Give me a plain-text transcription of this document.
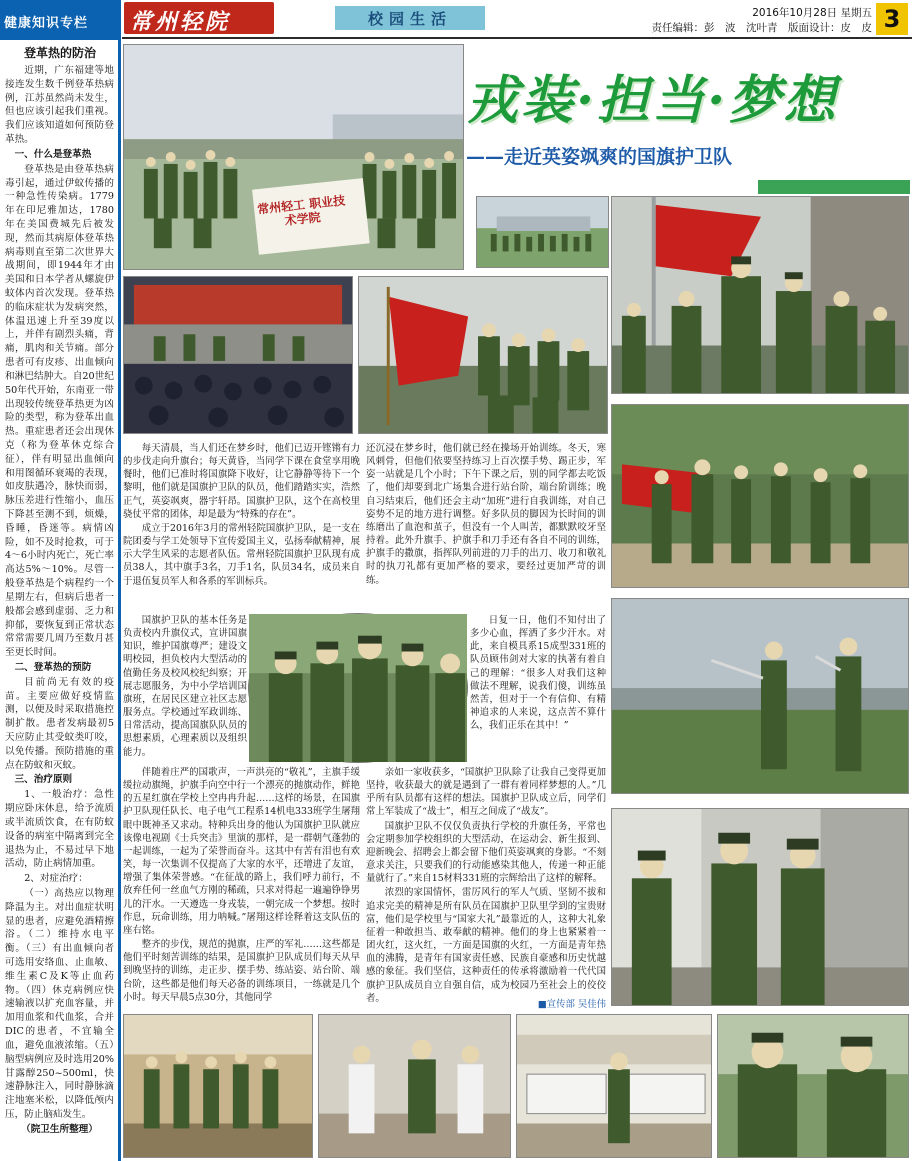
健康知识专栏
登革热的防治

近期，广东福建等地接连发生数千例登革热病例，江苏虽然尚未发生，但也应该引起我们重视。我们应该知道如何预防登革热。

一、什么是登革热

登革热是由登革热病毒引起，通过伊蚊传播的一种急性传染病。1779年在印尼雅加达，1780年在美国费城先后被发现，然而其病原体登革热病毒则直至第二次世界大战期间，即1944年才由美国和日本学者从螺旋伊蚊体内首次发现。登革热的临床症状为发病突然，体温迅速上升至39度以上，并伴有剧烈头痛，背痛，肌肉和关节痛。部分患者可有皮疹、出血倾向和淋巴结肿大。自20世纪50年代开始，东南亚一带出现较传统登革热更为凶险的类型，称为登革出血热。重症患者还会出现休克（称为登革休克综合征），伴有明显出血倾向和用图循环衰竭的表现，如皮肤遇冷，脉快而弱，脉压差进行性缩小，血压下降甚至测不到，烦燥，昏睡，昏迷等。病情凶险，如不及时抢救，可于4～6小时内死亡，死亡率高达5%～10%。尽管一般登革热是个病程约一个星期左右，但病后患者一般都会感到虚弱、乏力和抑郁，要恢复到正常状态常常需要几周乃至数月甚至更长时间。

二、登革热的预防

目前尚无有效的疫苗。主要应做好疫情监测，以便及时采取措施控制扩散。患者发病最初5天应防止其受蚊类叮咬，以免传播。预防措施的重点在防蚊和灭蚊。

三、治疗原则

1、一般治疗：急性期应卧床休息，给予流质或半流质饮食，在有防蚊设备的病室中隔离到完全退热为止，不易过早下地活动，防止病情加重。

2、对症治疗：

（一）高热应以物理降温为主。对出血症状明显的患者，应避免酒精擦浴。（二）维持水电平衡。（三）有出血倾向者可选用安络血、止血敏、维生素C及K等止血药物。（四）休克病例应快速输液以扩充血容量，并加用血浆和代血浆，合并DIC的患者，不宜输全血，避免血液浓缩。（五）脑型病例应及时选用20%甘露醇250~500ml，快速静脉注入，同时静脉滴注地塞米松，以降低颅内压，防止脑疝发生。

（院卫生所整理）

常州轻院	校园生活	2016年10月28日 星期五
责任编辑：彭　波　沈叶青　 版面设计：皮　皮 3
戎装·担当·梦想
——走近英姿飒爽的国旗护卫队
常州轻工 职业技术学院

每天清晨，当人们还在梦乡时，他们已迈开铿锵有力的步伐走向升旗台；每天黄昏，当同学下课在食堂享用晚餐时，他们已准时将国旗降下收好，让它静静等待下一个黎明，他们就是国旗护卫队的队员，他们踏踏实实，浩然正气，英姿飒爽，器宇轩昂。国旗护卫队，这个在高校里骁仗平常的团体，却是最为“特殊的存在”。

成立于2016年3月的常州轻院国旗护卫队，是一支在院团委与学工处领导下宣传爱国主义，弘扬奉献精神，展示大学生风采的志愿者队伍。常州轻院国旗护卫队现有成员38人，其中旗手3名，刀手1名，队员34名，成员来自于退伍复员军人和各系的军训标兵。

国旗护卫队的基本任务是负责校内升旗仪式，宣讲国旗知识，维护国旗尊严；建设文明校园，担负校内大型活动的值勤任务及校风校纪纠察；开展志愿服务，为中小学培训国旗班，在居民区建立社区志愿服务点。学校通过军政训练、日常活动，提高国旗队队员的思想素质，心理素质以及组织能力。

伴随着庄严的国歌声，一声洪亮的“敬礼”，主旗手缓缓拉动旗绳，护旗手向空中行一个漂亮的抛旗动作，鲜艳的五星红旗在学校上空冉冉升起……这样的场景，在国旗护卫队现任队长、电子电气工程系14机电333班学生屠翔眼中既神圣又求动。特种兵出身的他认为国旗护卫队就应该像电视剧《士兵突击》里演的那样，是一群朝气蓬勃的一起训练，一起为了荣誉而奋斗。这其中有苦有泪也有欢笑，每一次集训不仅提高了大家的水平，还增进了友谊，增强了集体荣誉感。“在征战的路上，我们呼力前行，不放弃任何一丝血气方刚的稀疏，只求对得起一遍遍铮铮男儿的汗水。一天遵选一身戎装，一朝完成一个梦想。按时作息，玩命训练，用力呐喊。”屠翔这样诠释着这支队伍的座右铭。

整齐的步伐，规范的抛旗，庄严的军礼……这些都是他们平时刻苦训练的结果，是国旗护卫队成员们每天从早到晚坚持的训练，走正步、摆手势、练站姿、站台阶、端台阶，这些都是他们每天必备的训练项目，一练就是几个小时。每天早晨5点30分，其他同学

还沉浸在梦乡时，他们就已经在操场开始训练。冬天，寒风刺骨，但他们依要坚持练习上百次摆手势、踢正步，军姿一站就是几个小时；下午下课之后，别的同学都去吃饭了，他们却要到北广场集合进行站台阶，端台阶训练；晚自习结束后，他们还会主动“加班”进行自我训练，对自己姿势不足的地方进行调整。好多队员的脚因为长时间的训练磨出了血泡和茧子，但没有一个人叫苦，都默默咬牙坚持着。此外升旗手、护旗手和刀手还有各自不同的训练，护旗手的撒旗，指挥队列前进的刀手的出刀、收刀和敬礼时的执刀礼都有更加严格的要求，要经过更加严苛的训练。

日复一日，他们不知付出了多少心血，挥洒了多少汗水。对此，来自模具系15成型331班的队员顾伟剑对大家的执著有着自己的理解：“很多人对我们这种做法不理解，说我们傻，训练虽然苦，但对于一个有信仰、有精神追求的人来说，这点苦不算什么，我们正乐在其中！”

亲如一家收获多，“国旗护卫队除了让我自己变得更加坚持，收获最大的就是遇到了一群有着同样梦想的人。”几乎所有队员都有这样的想法。国旗护卫队成立后，同学们常上军装成了“战士”，相互之间成了“战友”。

国旗护卫队不仅仅负责执行学校的升旗任务，平常也会定期参加学校组织的大型活动，在运动会、新生报到、迎新晚会、招聘会上都会留下他们英姿飒爽的身影。“不刻意求关注，只要我们的行动能感染其他人，传递一种正能量就行了。”来自15材料331班的宗辉给出了这样的解释。

浓烈的家国情怀，雷厉风行的军人气质、坚韧不拔和追求完美的精神是所有队员在国旗护卫队里学到的宝贵财富，他们是学校里与“国家大礼”最靠近的人，这种大礼象征着一种敢担当、敢奉献的精神。他们的身上也紧紧着一团火红，这火红，一方面是国旗的火红，一方面是青年热血的沸腾，是青年有国家责任感、民族自豪感和历史忧越感的象征。我们坚信，这种责任的传承将激励着一代代国旗护卫队成员自立自强自信，成为校园乃至社会上的佼佼者。

■宣传部 吴佳伟
